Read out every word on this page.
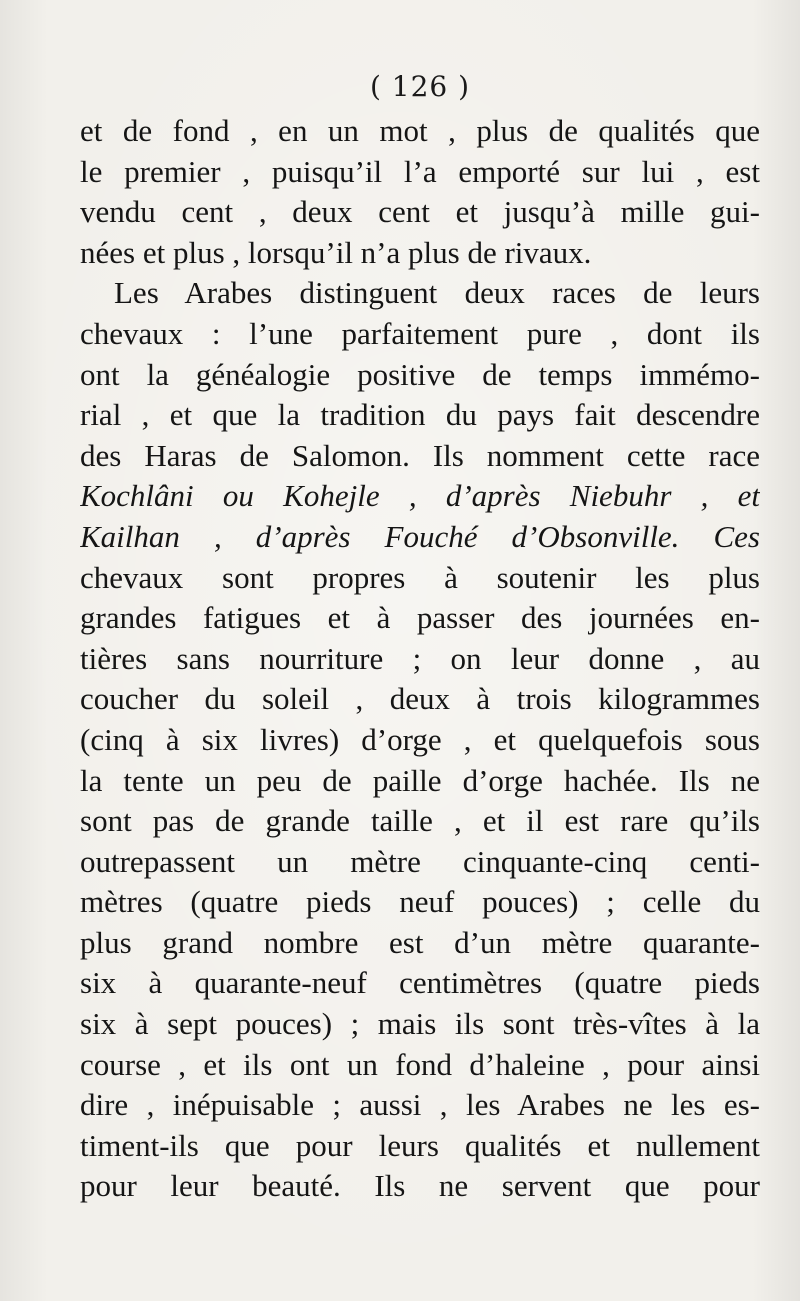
( 126 )
et de fond , en un mot , plus de qualités que
le premier , puisqu’il l’a emporté sur lui , est
vendu cent , deux cent et jusqu’à mille gui-
nées et plus , lorsqu’il n’a plus de rivaux.
Les Arabes distinguent deux races de leurs
chevaux : l’une parfaitement pure , dont ils
ont la généalogie positive de temps immémo-
rial , et que la tradition du pays fait descendre
des Haras de Salomon. Ils nomment cette race
Kochlâni ou Kohejle , d’après Niebuhr , et
Kailhan , d’après Fouché d’Obsonville. Ces
chevaux sont propres à soutenir les plus
grandes fatigues et à passer des journées en-
tières sans nourriture ; on leur donne , au
coucher du soleil , deux à trois kilogrammes
(cinq à six livres) d’orge , et quelquefois sous
la tente un peu de paille d’orge hachée. Ils ne
sont pas de grande taille , et il est rare qu’ils
outrepassent un mètre cinquante-cinq centi-
mètres (quatre pieds neuf pouces) ; celle du
plus grand nombre est d’un mètre quarante-
six à quarante-neuf centimètres (quatre pieds
six à sept pouces) ; mais ils sont très-vîtes à la
course , et ils ont un fond d’haleine , pour ainsi
dire , inépuisable ; aussi , les Arabes ne les es-
timent-ils que pour leurs qualités et nullement
pour leur beauté. Ils ne servent que pour
